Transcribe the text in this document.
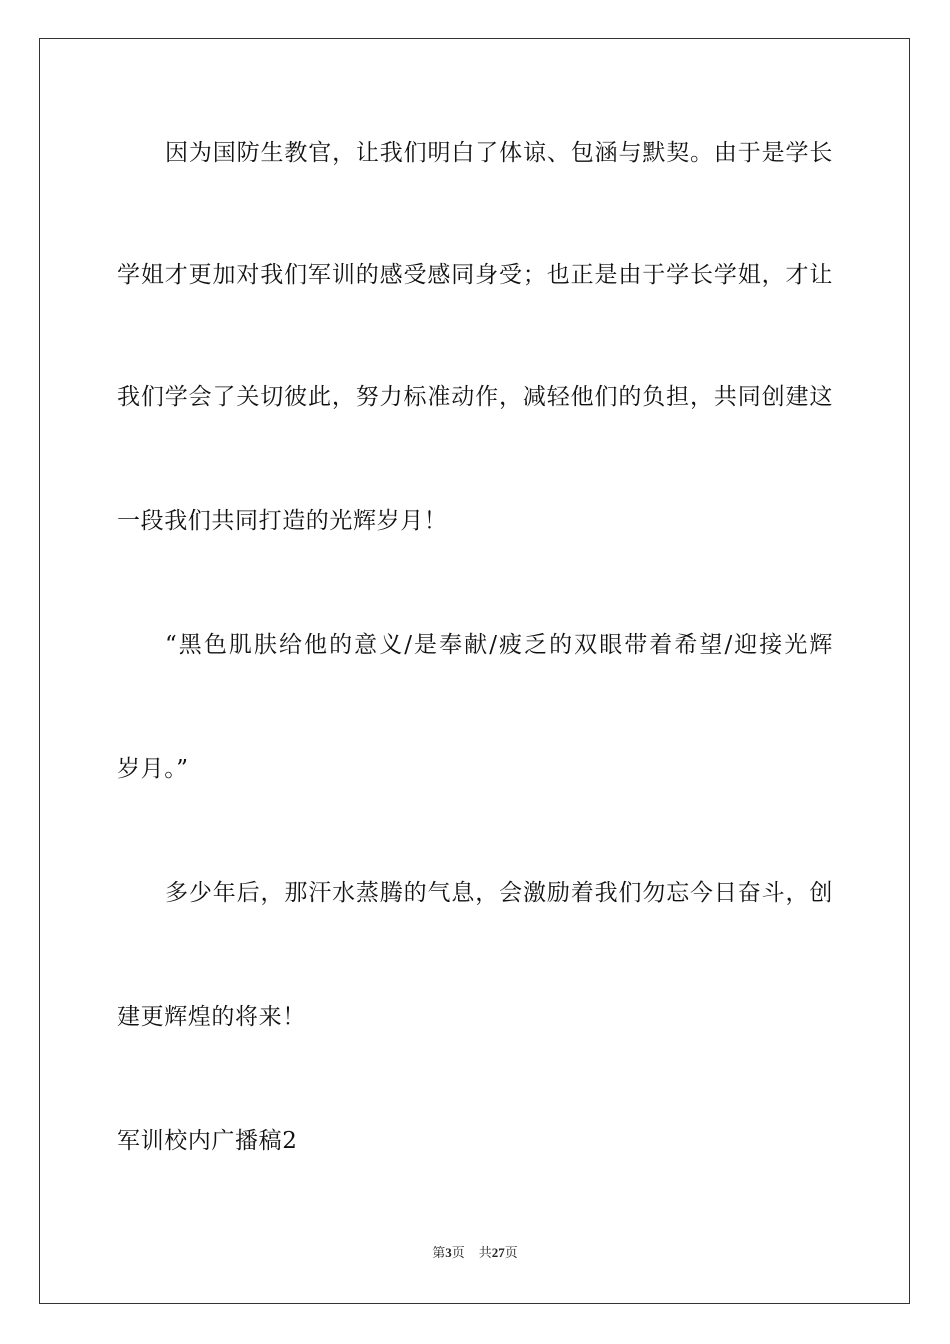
因为国防生教官，让我们明白了体谅、包涵与默契。由于是学长

学姐才更加对我们军训的感受感同身受；也正是由于学长学姐，才让

我们学会了关切彼此，努力标准动作，减轻他们的负担，共同创建这

一段我们共同打造的光辉岁月！

“黑色肌肤给他的意义/是奉献/疲乏的双眼带着希望/迎接光辉

岁月。”

多少年后，那汗水蒸腾的气息，会激励着我们勿忘今日奋斗，创

建更辉煌的将来！

军训校内广播稿2

第3页 共27页
